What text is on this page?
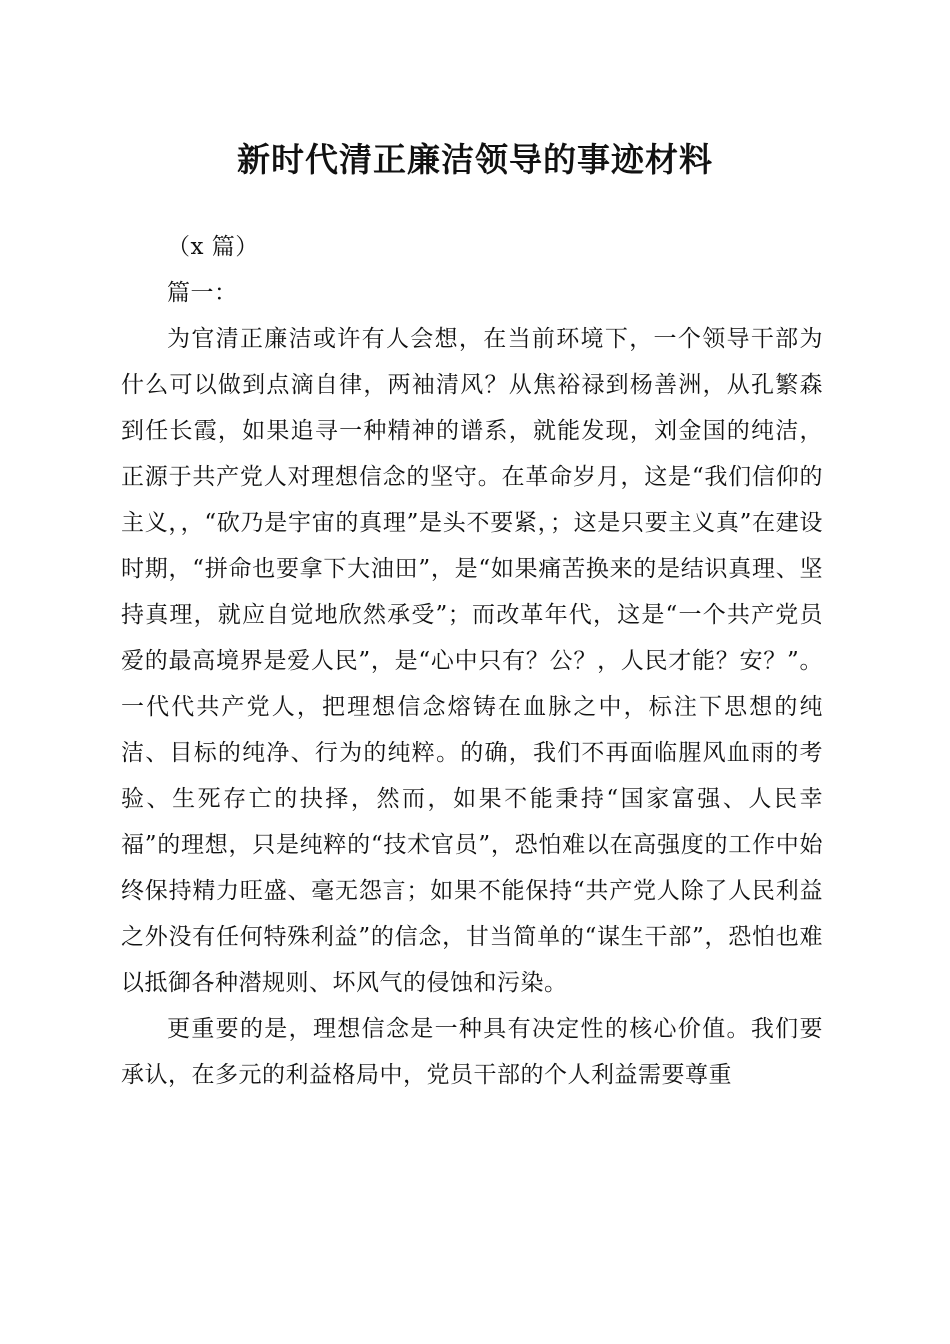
新时代清正廉洁领导的事迹材料

（x 篇）

篇一：

为官清正廉洁或许有人会想，在当前环境下，一个领导干部为什么可以做到点滴自律，两袖清风？从焦裕禄到杨善洲，从孔繁森到任长霞，如果追寻一种精神的谱系，就能发现，刘金国的纯洁，正源于共产党人对理想信念的坚守。在革命岁月，这是“我们信仰的主义，，“砍乃是宇宙的真理”是头不要紧，；这是只要主义真”在建设时期，“拼命也要拿下大油田”，是“如果痛苦换来的是结识真理、坚持真理，就应自觉地欣然承受”；而改革年代，这是“一个共产党员爱的最高境界是爱人民”，是“心中只有？公？，人民才能？安？”。一代代共产党人，把理想信念熔铸在血脉之中，标注下思想的纯洁、目标的纯净、行为的纯粹。的确，我们不再面临腥风血雨的考验、生死存亡的抉择，然而，如果不能秉持“国家富强、人民幸福”的理想，只是纯粹的“技术官员”，恐怕难以在高强度的工作中始终保持精力旺盛、毫无怨言；如果不能保持“共产党人除了人民利益之外没有任何特殊利益”的信念，甘当简单的“谋生干部”，恐怕也难以抵御各种潜规则、坏风气的侵蚀和污染。

更重要的是，理想信念是一种具有决定性的核心价值。我们要承认，在多元的利益格局中，党员干部的个人利益需要尊重
